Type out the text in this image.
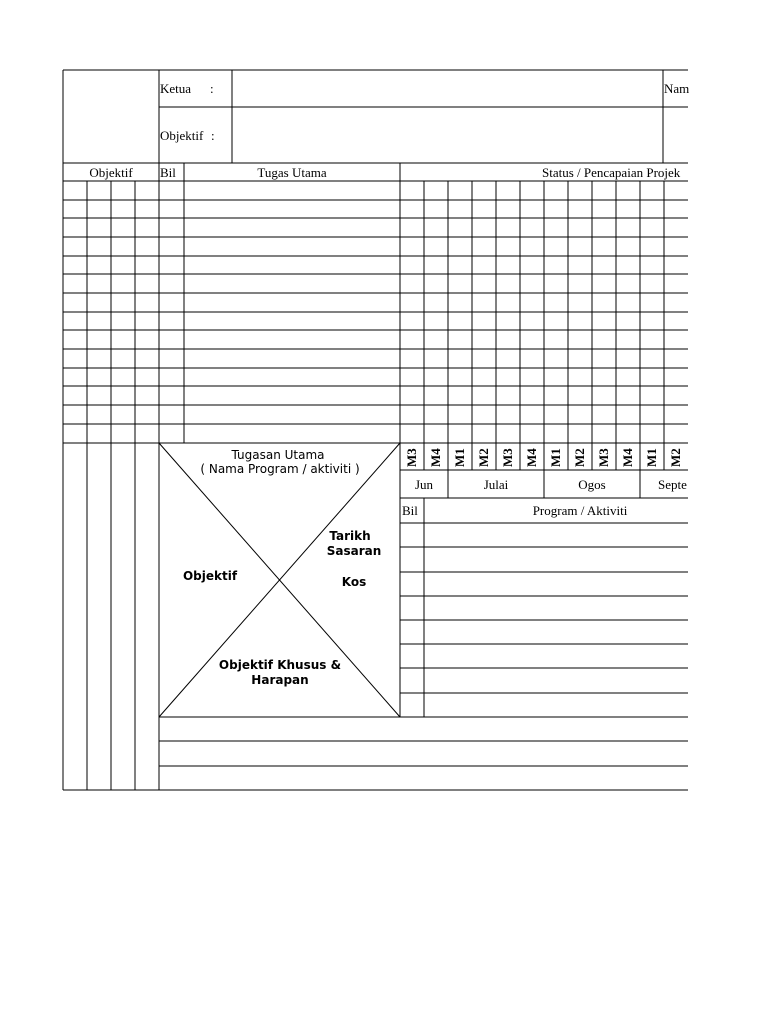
Ketua :	Nam
Objektif :
Objektif Bil	Tugas Utama	Status / Pencapaian Projek
M3 M4 M1 M2 M3 M4 M1 M2 M3 M4 M1 M2
Jun	Julai	Ogos	Septe
Tugasan Utama
( Nama Program / aktiviti )
Objektif
Tarikh
Sasaran
Kos
Objektif Khusus &
Harapan
Bil	Program / Aktiviti
